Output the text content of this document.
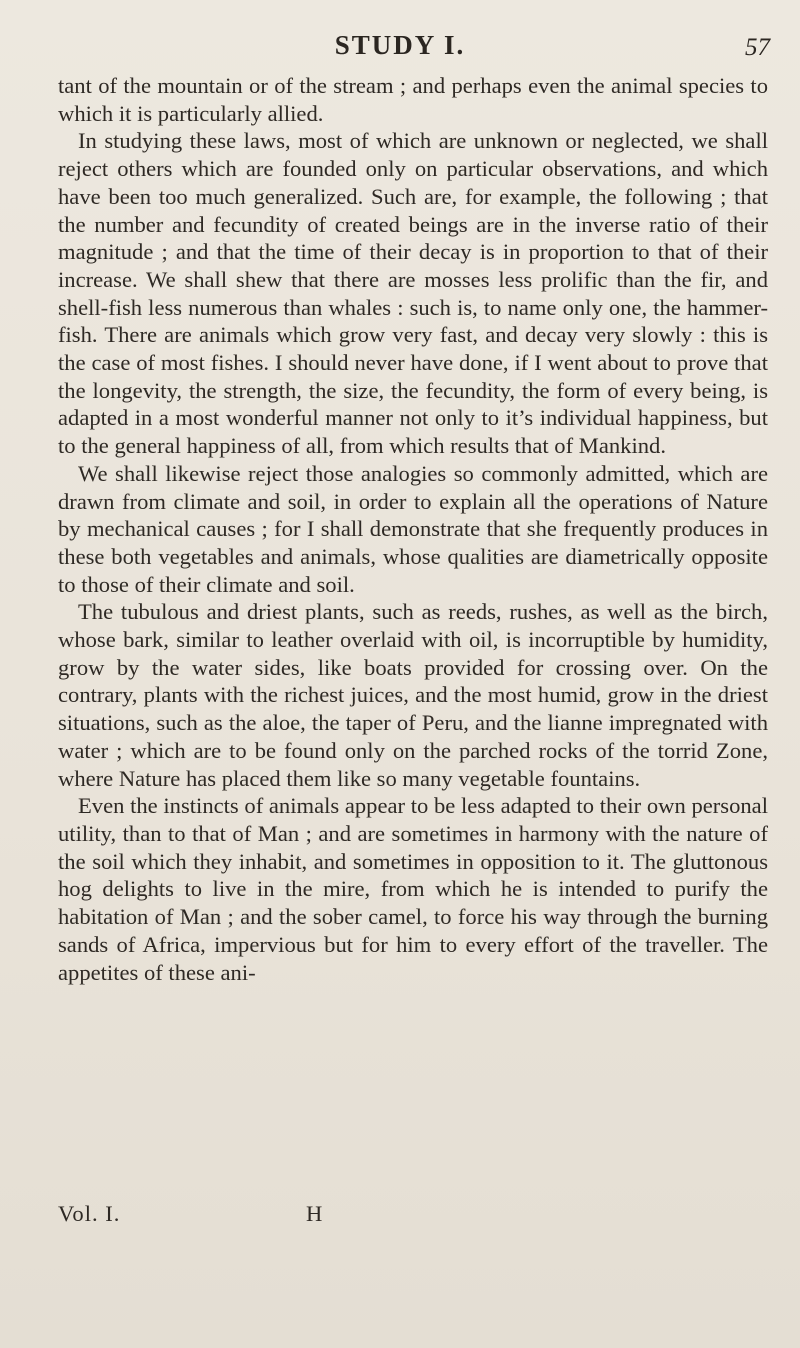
STUDY I.	57

tant of the mountain or of the stream ; and perhaps even the animal species to which it is particularly allied.

In studying these laws, most of which are unknown or neglected, we shall reject others which are founded only on particular observations, and which have been too much generalized. Such are, for example, the following ; that the number and fecundity of created beings are in the inverse ratio of their magnitude ; and that the time of their decay is in proportion to that of their increase. We shall shew that there are mosses less prolific than the fir, and shell-fish less numerous than whales : such is, to name only one, the hammer-fish. There are animals which grow very fast, and decay very slowly : this is the case of most fishes. I should never have done, if I went about to prove that the longevity, the strength, the size, the fecundity, the form of every being, is adapted in a most wonderful manner not only to it’s individual happiness, but to the general happiness of all, from which results that of Mankind.

We shall likewise reject those analogies so commonly admitted, which are drawn from climate and soil, in order to explain all the operations of Nature by mechanical causes ; for I shall demonstrate that she frequently produces in these both vegetables and animals, whose qualities are diametrically opposite to those of their climate and soil.

The tubulous and driest plants, such as reeds, rushes, as well as the birch, whose bark, similar to leather overlaid with oil, is incorruptible by humidity, grow by the water sides, like boats provided for crossing over. On the contrary, plants with the richest juices, and the most humid, grow in the driest situations, such as the aloe, the taper of Peru, and the lianne impregnated with water ; which are to be found only on the parched rocks of the torrid Zone, where Nature has placed them like so many vegetable fountains.

Even the instincts of animals appear to be less adapted to their own personal utility, than to that of Man ; and are sometimes in harmony with the nature of the soil which they inhabit, and sometimes in opposition to it. The gluttonous hog delights to live in the mire, from which he is intended to purify the habitation of Man ; and the sober camel, to force his way through the burning sands of Africa, impervious but for him to every effort of the traveller. The appetites of these ani-

Vol. I.	H
